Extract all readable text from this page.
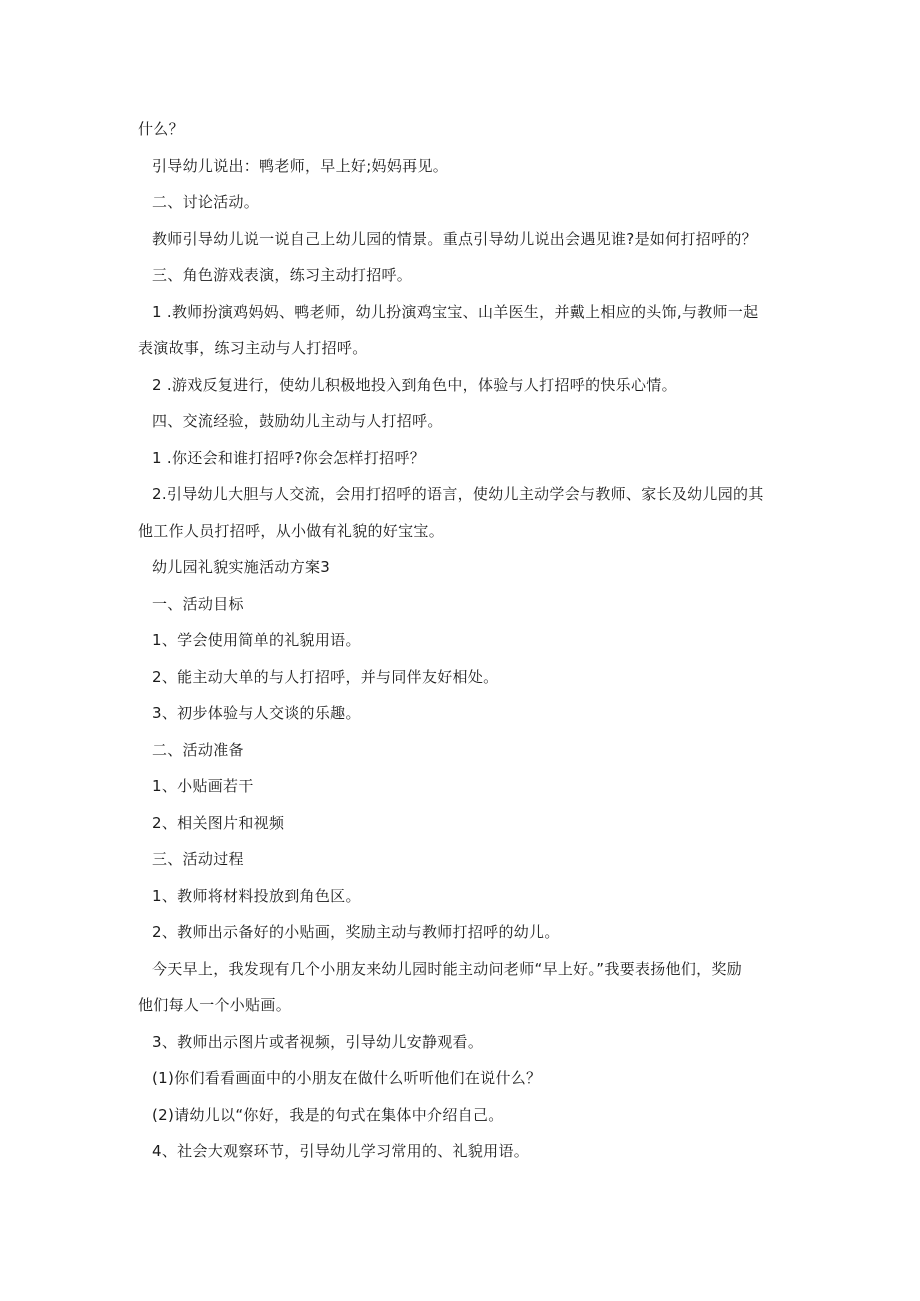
什么？
引导幼儿说出：鸭老师，早上好;妈妈再见。
二、讨论活动。
教师引导幼儿说一说自己上幼儿园的情景。重点引导幼儿说出会遇见谁?是如何打招呼的？
三、角色游戏表演，练习主动打招呼。
1 .教师扮演鸡妈妈、鸭老师，幼儿扮演鸡宝宝、山羊医生，并戴上相应的头饰,与教师一起
表演故事，练习主动与人打招呼。
2 .游戏反复进行，使幼儿积极地投入到角色中，体验与人打招呼的快乐心情。
四、交流经验，鼓励幼儿主动与人打招呼。
1 .你还会和谁打招呼?你会怎样打招呼？
2.引导幼儿大胆与人交流，会用打招呼的语言，使幼儿主动学会与教师、家长及幼儿园的其
他工作人员打招呼，从小做有礼貌的好宝宝。
幼儿园礼貌实施活动方案3
一、活动目标
1、学会使用简单的礼貌用语。
2、能主动大单的与人打招呼，并与同伴友好相处。
3、初步体验与人交谈的乐趣。
二、活动准备
1、小贴画若干
2、相关图片和视频
三、活动过程
1、教师将材料投放到角色区。
2、教师出示备好的小贴画，奖励主动与教师打招呼的幼儿。
今天早上，我发现有几个小朋友来幼儿园时能主动问老师“早上好。”我要表扬他们，奖励
他们每人一个小贴画。
3、教师出示图片或者视频，引导幼儿安静观看。
(1)你们看看画面中的小朋友在做什么听听他们在说什么？
(2)请幼儿以“你好，我是的句式在集体中介绍自己。
4、社会大观察环节，引导幼儿学习常用的、礼貌用语。
